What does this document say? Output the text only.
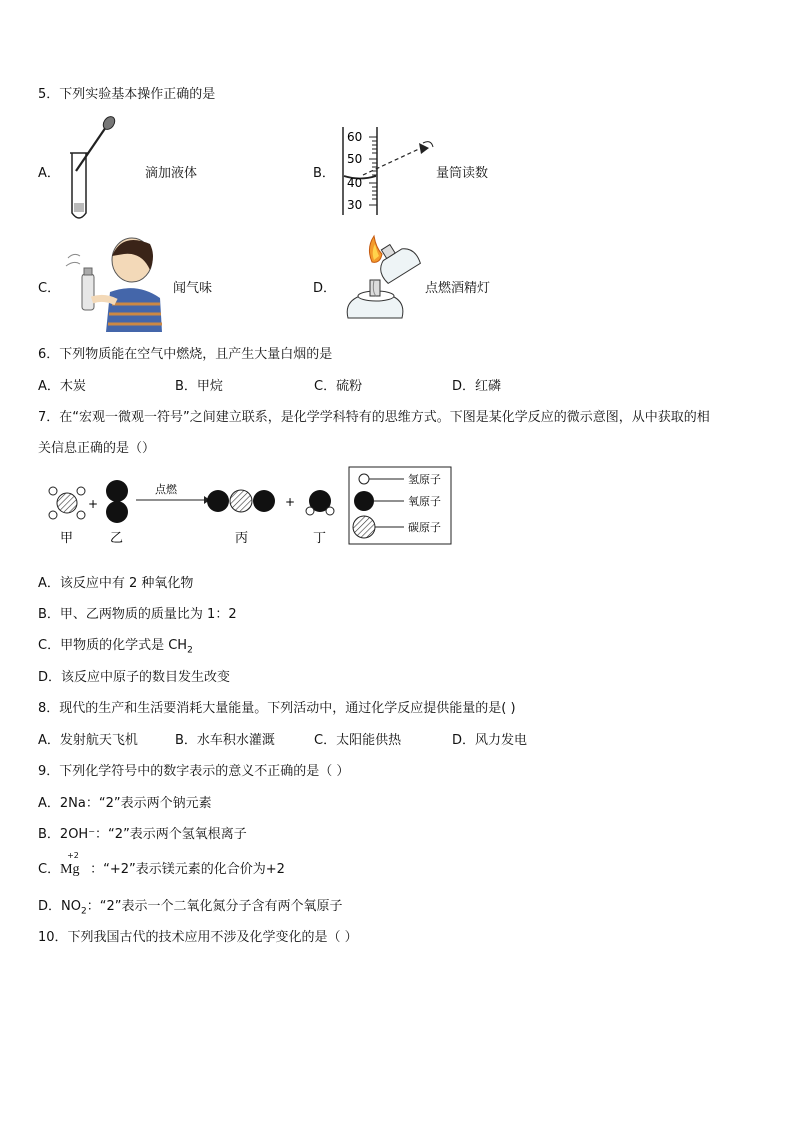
5．下列实验基本操作正确的是
A．	滴加液体	B．
60
50
40
30
量筒读数
C．	闻气味	D．	点燃酒精灯
6．下列物质能在空气中燃烧，且产生大量白烟的是
A．木炭	B．甲烷	C．硫粉	D．红磷
7．在“宏观一微观一符号”之间建立联系，是化学学科特有的思维方式。下图是某化学反应的微示意图，从中获取的相
关信息正确的是（）
+
点燃
+
甲	乙	丙	丁
氢原子
氧原子
碳原子
A．该反应中有 2 种氧化物
B．甲、乙两物质的质量比为 1：2
C．甲物质的化学式是 $CH_2$
D．该反应中原子的数目发生改变
8．现代的生产和生活要消耗大量能量。下列活动中，通过化学反应提供能量的是( )
A．发射航天飞机	B．水车积水灌溉	C．太阳能供热	D．风力发电
9．下列化学符号中的数字表示的意义不正确的是（ ）
A．2Na：“2”表示两个钠元素
B．2OH⁻：“2”表示两个氢氧根离子
C．
+2
Mg ：“+2”表示镁元素的化合价为+2
D．$NO_2$：“2”表示一个二氧化氮分子含有两个氧原子
10．下列我国古代的技术应用不涉及化学变化的是（ ）
